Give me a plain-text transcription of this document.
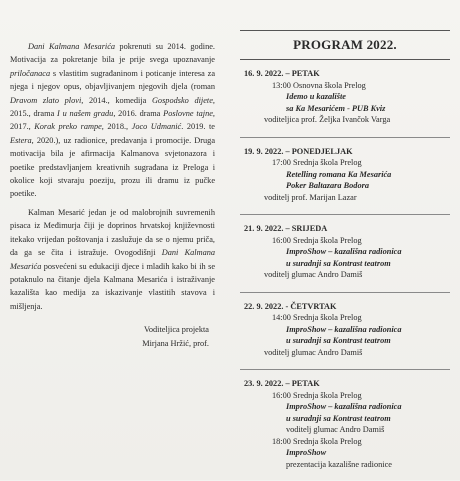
Dani Kalmana Mesarića pokrenuti su 2014. godine. Motivacija za pokretanje bila je prije svega upoznavanje priločanaca s vlastitim sugrađaninom i poticanje interesa za njega i njegov opus, objavljivanjem njegovih djela (roman Dravom zlato plovi, 2014., komedija Gospodsko dijete, 2015., drama I u našem gradu, 2016. drama Poslovne tajne, 2017., Korak preko rampe, 2018., Joco Udmanić. 2019. te Estera, 2020.), uz radionice, predavanja i promocije. Druga motivacija bila je afirmacija Kalmanova svjetonazora i poetike predstavljanjem kreativnih sugrađana iz Preloga i okolice koji stvaraju poeziju, prozu ili dramu iz pučke poetike.

Kalman Mesarić jedan je od malobrojnih suvremenih pisaca iz Međimurja čiji je doprinos hrvatskoj književnosti itekako vrijedan poštovanja i zaslužuje da se o njemu priča, da ga se čita i istražuje. Ovogodišnji Dani Kalmana Mesarića posvećeni su edukaciji djece i mladih kako bi ih se potaknulo na čitanje djela Kalmana Mesarića i istraživanje kazališta kao medija za iskazivanje vlastitih stavova i mišljenja.

Voditeljica projekta
Mirjana Hržić, prof.
PROGRAM 2022.
16. 9. 2022. – PETAK
13:00 Osnovna škola Prelog
Idemo u kazalište
sa Ka Mesarićem - PUB Kviz
voditeljica prof. Željka Ivančok Varga
19. 9. 2022. – PONEDJELJAK
17:00 Srednja škola Prelog
Retelling romana Ka Mesarića
Poker Baltazara Bodora
voditelj prof. Marijan Lazar
21. 9. 2022. – SRIJEDA
16:00 Srednja škola Prelog
ImproShow – kazališna radionica
u suradnji sa Kontrast teatrom
voditelj glumac Andro Damiš
22. 9. 2022. - ČETVRTAK
14:00 Srednja škola Prelog
ImproShow – kazališna radionica
u suradnji sa Kontrast teatrom
voditelj glumac Andro Damiš
23. 9. 2022. – PETAK
16:00 Srednja škola Prelog
ImproShow – kazališna radionica
u suradnji sa Kontrast teatrom
voditelj glumac Andro Damiš
18:00 Srednja škola Prelog
ImproShow
prezentacija kazališne radionice
